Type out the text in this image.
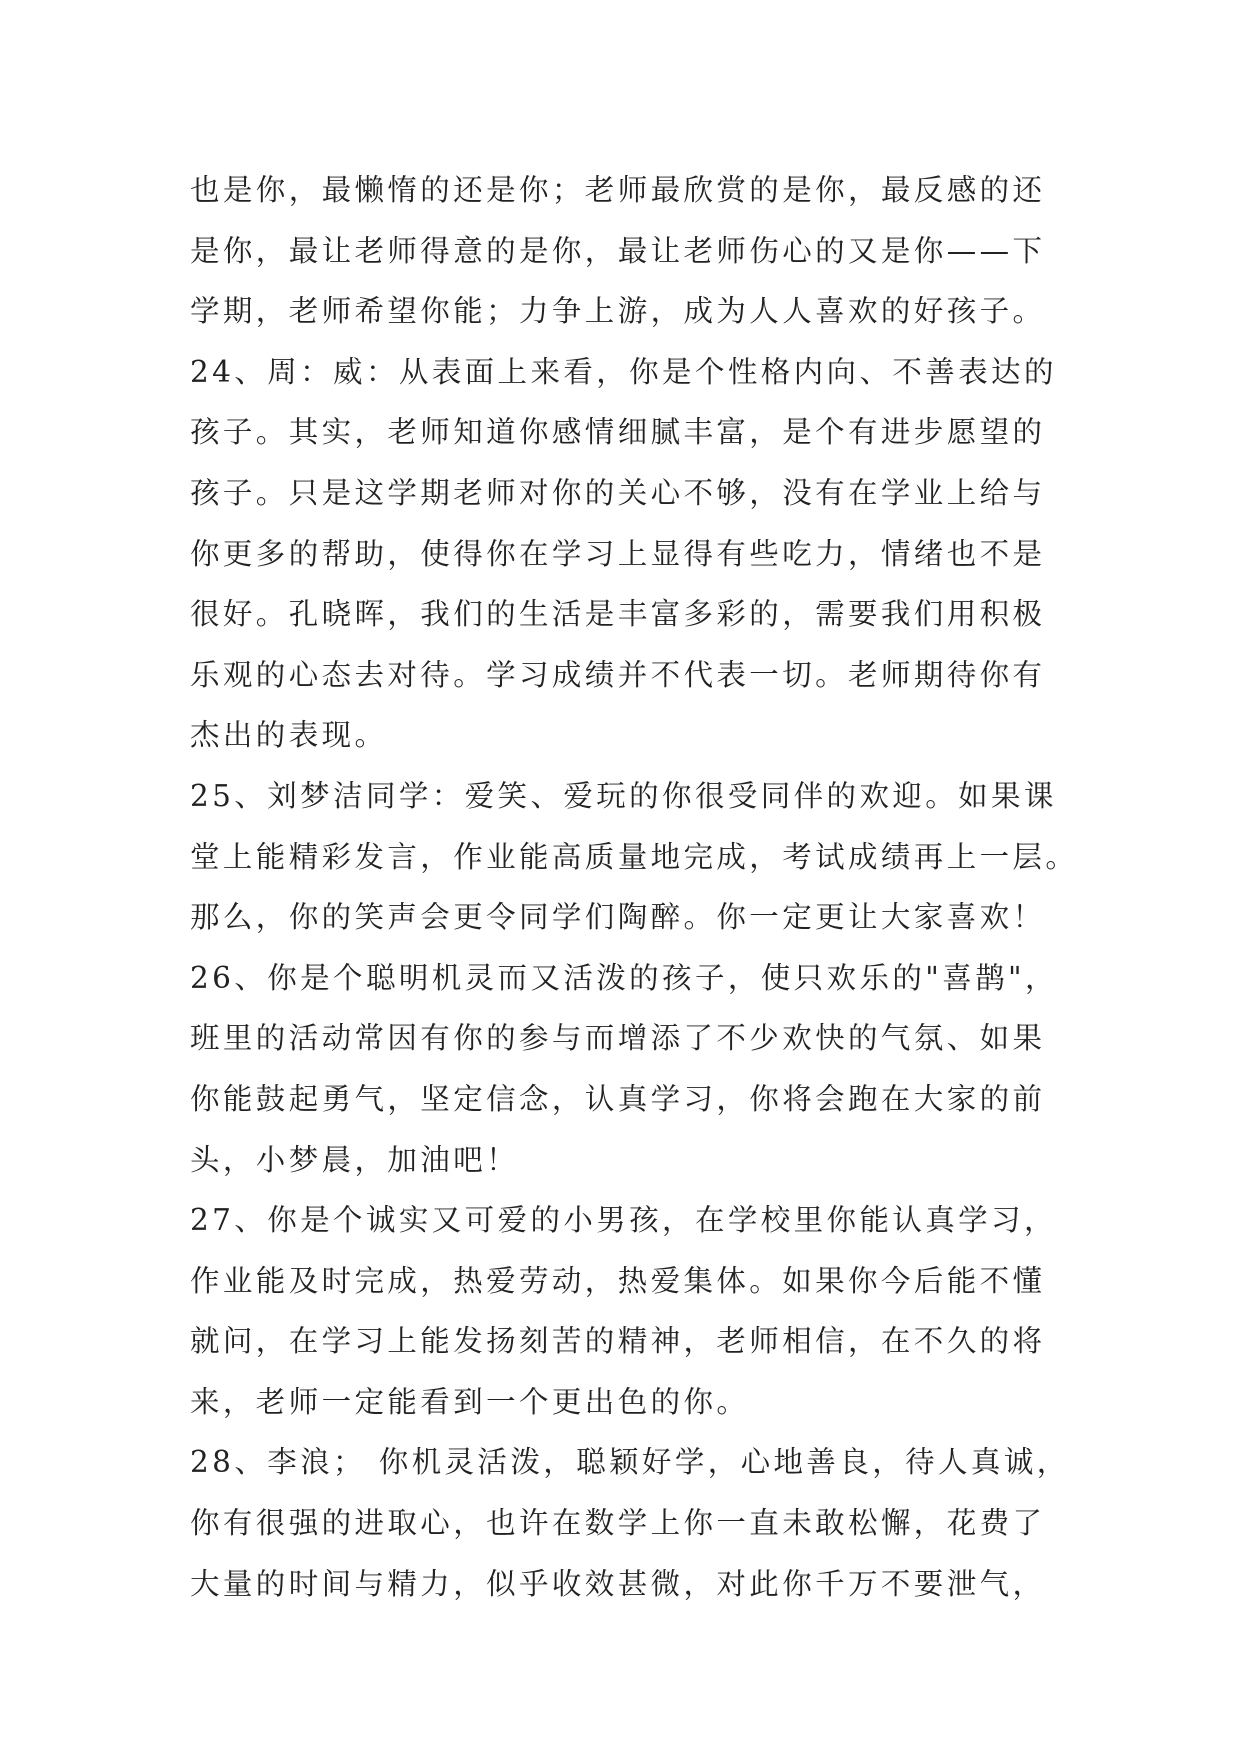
也是你，最懒惰的还是你；老师最欣赏的是你，最反感的还
是你，最让老师得意的是你，最让老师伤心的又是你——下
学期，老师希望你能；力争上游，成为人人喜欢的好孩子。
24、周：威：从表面上来看，你是个性格内向、不善表达的
孩子。其实，老师知道你感情细腻丰富，是个有进步愿望的
孩子。只是这学期老师对你的关心不够，没有在学业上给与
你更多的帮助，使得你在学习上显得有些吃力，情绪也不是
很好。孔晓晖，我们的生活是丰富多彩的，需要我们用积极
乐观的心态去对待。学习成绩并不代表一切。老师期待你有
杰出的表现。
25、刘梦洁同学：爱笑、爱玩的你很受同伴的欢迎。如果课
堂上能精彩发言，作业能高质量地完成，考试成绩再上一层。
那么，你的笑声会更令同学们陶醉。你一定更让大家喜欢！
26、你是个聪明机灵而又活泼的孩子，使只欢乐的"喜鹊"，
班里的活动常因有你的参与而增添了不少欢快的气氛、如果
你能鼓起勇气，坚定信念，认真学习，你将会跑在大家的前
头，小梦晨，加油吧！
27、你是个诚实又可爱的小男孩，在学校里你能认真学习，
作业能及时完成，热爱劳动，热爱集体。如果你今后能不懂
就问，在学习上能发扬刻苦的精神，老师相信，在不久的将
来，老师一定能看到一个更出色的你。
28、李浪； 你机灵活泼，聪颖好学，心地善良，待人真诚，
你有很强的进取心，也许在数学上你一直未敢松懈，花费了
大量的时间与精力，似乎收效甚微，对此你千万不要泄气，
